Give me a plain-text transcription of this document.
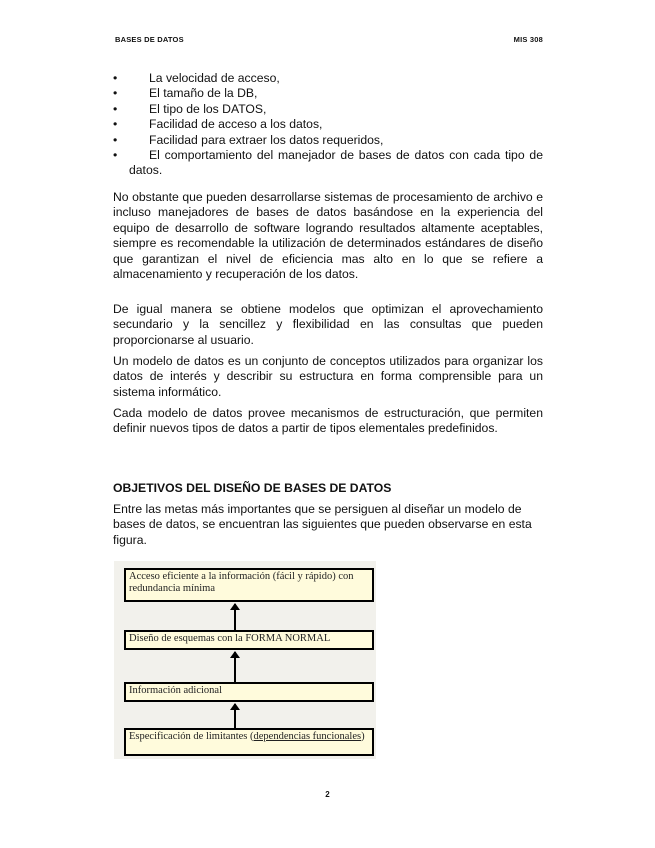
BASES DE DATOS	MIS 308
•	La velocidad de acceso,
•	El tamaño de la DB,
•	El tipo de los DATOS,
•	Facilidad de acceso a los datos,
•	Facilidad para extraer los datos requeridos,
•	El comportamiento del manejador de bases de datos con cada tipo de datos.

No obstante que pueden desarrollarse sistemas de procesamiento de archivo e incluso manejadores de bases de datos basándose en la experiencia del equipo de desarrollo de software logrando resultados altamente aceptables, siempre es recomendable la utilización de determinados estándares de diseño que garantizan el nivel de eficiencia mas alto en lo que se refiere a almacenamiento y recuperación de los datos.

De igual manera se obtiene modelos que optimizan el aprovechamiento secundario y la sencillez y flexibilidad en las consultas que pueden proporcionarse al usuario.

Un modelo de datos es un conjunto de conceptos utilizados para organizar los datos de interés y describir su estructura en forma comprensible para un sistema informático.

Cada modelo de datos provee mecanismos de estructuración, que permiten definir nuevos tipos de datos a partir de tipos elementales predefinidos.

OBJETIVOS DEL DISEÑO DE BASES DE DATOS

Entre las metas más importantes que se persiguen al diseñar un modelo de bases de datos, se encuentran las siguientes que pueden observarse en esta figura.

Acceso eficiente a la información (fácil y rápido) con redundancia mínima
Diseño de esquemas con la FORMA NORMAL
Información adicional
Especificación de limitantes (dependencias funcionales)
2
